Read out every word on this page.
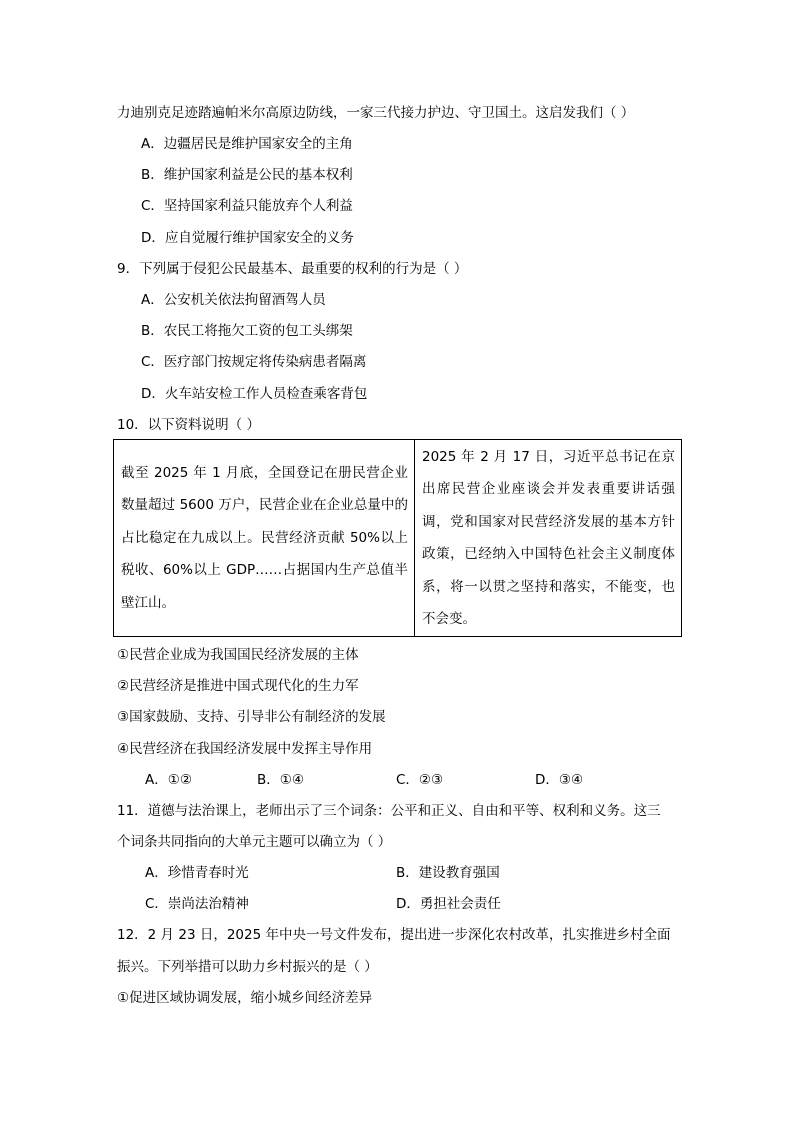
力迪别克足迹踏遍帕米尔高原边防线，一家三代接力护边、守卫国土。这启发我们（ ）
A．边疆居民是维护国家安全的主角
B．维护国家利益是公民的基本权利
C．坚持国家利益只能放弃个人利益
D．应自觉履行维护国家安全的义务
9．下列属于侵犯公民最基本、最重要的权利的行为是（ ）
A．公安机关依法拘留酒驾人员
B．农民工将拖欠工资的包工头绑架
C．医疗部门按规定将传染病患者隔离
D．火车站安检工作人员检查乘客背包
10．以下资料说明（ ）
截至 2025 年 1 月底，全国登记在册民营企业数量超过 5600 万户，民营企业在企业总量中的占比稳定在九成以上。民营经济贡献 50%以上税收、60%以上 GDP……占据国内生产总值半壁江山。	2025 年 2 月 17 日，习近平总书记在京出席民营企业座谈会并发表重要讲话强调，党和国家对民营经济发展的基本方针政策，已经纳入中国特色社会主义制度体系，将一以贯之坚持和落实，不能变，也不会变。
①民营企业成为我国国民经济发展的主体
②民营经济是推进中国式现代化的生力军
③国家鼓励、支持、引导非公有制经济的发展
④民营经济在我国经济发展中发挥主导作用
A．①②	B．①④	C．②③	D．③④
11．道德与法治课上，老师出示了三个词条：公平和正义、自由和平等、权利和义务。这三
个词条共同指向的大单元主题可以确立为（ ）
A．珍惜青春时光	B．建设教育强国
C．崇尚法治精神	D．勇担社会责任
12．2 月 23 日，2025 年中央一号文件发布，提出进一步深化农村改革，扎实推进乡村全面
振兴。下列举措可以助力乡村振兴的是（ ）
①促进区域协调发展，缩小城乡间经济差异
